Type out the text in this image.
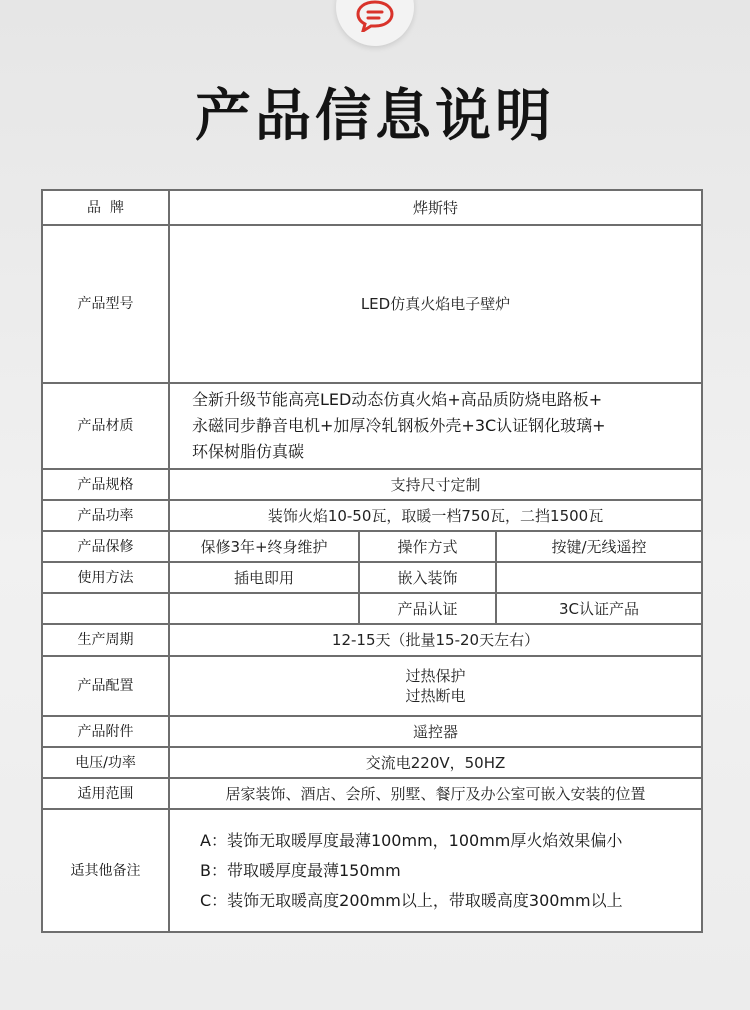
产品信息说明
品  牌	烨斯特		
产品型号	LED仿真火焰电子壁炉		
产品材质	全新升级节能高亮LED动态仿真火焰+高品质防烧电路板+
永磁同步静音电机+加厚冷轧钢板外壳+3C认证钢化玻璃+
环保树脂仿真碳		

产品规格	支持尺寸定制		
产品功率	装饰火焰10-50瓦，取暖一档750瓦，二挡1500瓦		
产品保修	保修3年+终身维护	操作方式	按键/无线遥控
使用方法	插电即用	嵌入装饰	
		产品认证	3C认证产品
生产周期	12-15天（批量15-20天左右）		
产品配置	过热保护
过热断电		

产品附件	遥控器		
电压/功率	交流电220V，50HZ		
适用范围	居家装饰、酒店、会所、别墅、餐厅及办公室可嵌入安装的位置		
适其他备注	A：装饰无取暖厚度最薄100mm，100mm厚火焰效果偏小
B：带取暖厚度最薄150mm
C：装饰无取暖高度200mm以上，带取暖高度300mm以上		
